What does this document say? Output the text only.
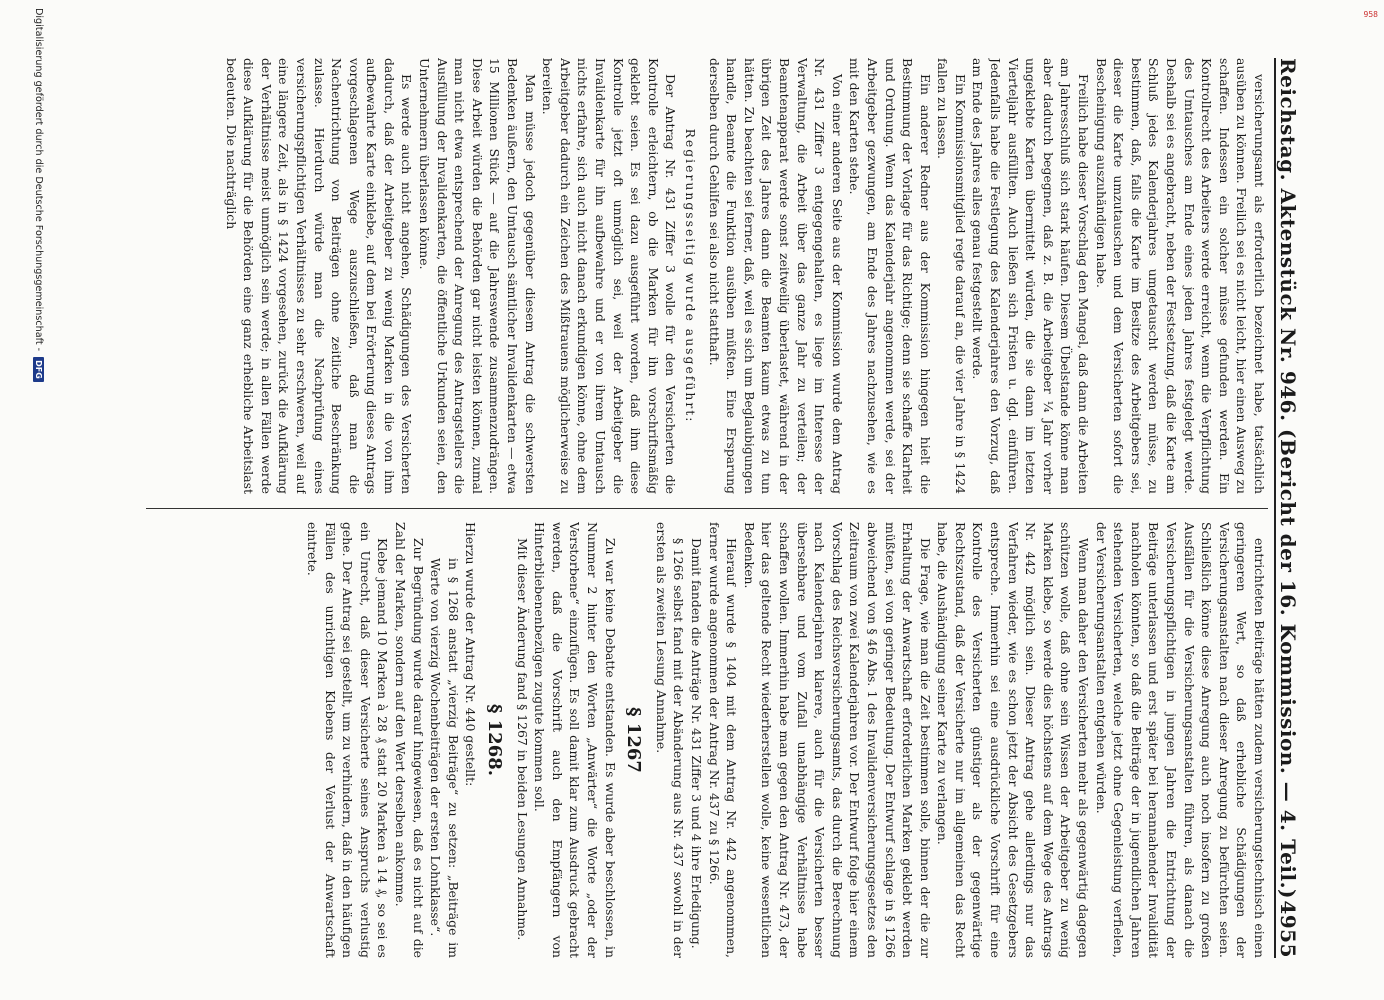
958
Reichstag. Aktenstück Nr. 946. (Bericht der 16. Kommission. — 4. Teil.)
4955

versicherungsamt als erforderlich bezeichnet habe, tatsächlich ausüben zu können. Freilich sei es nicht leicht, hier einen Ausweg zu schaffen. Indessen ein solcher müsse gefunden werden. Ein Kontrollrecht des Arbeiters werde erreicht, wenn die Verpflichtung des Umtausches am Ende eines jeden Jahres festgelegt werde. Deshalb sei es angebracht, neben der Festsetzung, daß die Karte am Schluß jedes Kalenderjahres umgetauscht werden müsse, zu bestimmen, daß, falls die Karte im Besitze des Arbeitgebers sei, dieser die Karte umzutauschen und dem Versicherten sofort die Bescheinigung auszuhändigen habe.

Freilich habe dieser Vorschlag den Mangel, daß dann die Arbeiten am Jahresschluß sich stark häufen. Diesem Übelstande könne man aber dadurch begegnen, daß z. B. die Arbeitgeber ¼ Jahr vorher ungeklebte Karten übermittelt würden, die sie dann im letzten Vierteljahr ausfüllten. Auch ließen sich Fristen u. dgl. einführen. Jedenfalls habe die Festlegung des Kalenderjahres den Vorzug, daß am Ende des Jahres alles genau festgestellt werde.

Ein Kommissionsmitglied regte darauf an, die vier Jahre in § 1424 fallen zu lassen.

Ein anderer Redner aus der Kommission hingegen hielt die Bestimmung der Vorlage für das Richtige; denn sie schaffe Klarheit und Ordnung. Wenn das Kalenderjahr angenommen werde, sei der Arbeitgeber gezwungen, am Ende des Jahres nachzusehen, wie es mit den Karten stehe.

Von einer anderen Seite aus der Kommission wurde dem Antrag Nr. 431 Ziffer 3 entgegengehalten, es liege im Interesse der Verwaltung, die Arbeit über das ganze Jahr zu verteilen; der Beamtenapparat werde sonst zeitweilig überlastet, während in der übrigen Zeit des Jahres dann die Beamten kaum etwas zu tun hätten. Zu beachten sei ferner, daß, weil es sich um Beglaubigungen handle, Beamte die Funktion ausüben müßten. Eine Ersparung derselben durch Gehilfen sei also nicht statthaft.

Regierungsseitig wurde ausgeführt:

Der Antrag Nr. 431 Ziffer 3 wolle für den Versicherten die Kontrolle erleichtern, ob die Marken für ihn vorschriftsmäßig geklebt seien. Es sei dazu ausgeführt worden, daß ihm diese Kontrolle jetzt oft unmöglich sei, weil der Arbeitgeber die Invalidenkarte für ihn aufbewahre und er von ihrem Umtausch nichts erfahre, sich auch nicht danach erkundigen könne, ohne dem Arbeitgeber dadurch ein Zeichen des Mißtrauens möglicherweise zu bereiten.

Man müsse jedoch gegenüber diesem Antrag die schwersten Bedenken äußern, den Umtausch sämtlicher Invalidenkarten — etwa 15 Millionen Stück — auf die Jahreswende zusammenzudrängen. Diese Arbeit würden die Behörden gar nicht leisten können, zumal man nicht etwa entsprechend der Anregung des Antragstellers die Ausfüllung der Invalidenkarten, die öffentliche Urkunden seien, den Unternehmern überlassen könne.

Es werde auch nicht angehen, Schädigungen des Versicherten dadurch, daß der Arbeitgeber zu wenig Marken in die von ihm aufbewahrte Karte einklebe, auf dem bei Erörterung dieses Antrags vorgeschlagenen Wege auszuschließen, daß man die Nachentrichtung von Beiträgen ohne zeitliche Beschränkung zulasse. Hierdurch würde man die Nachprüfung eines versicherungspflichtigen Verhältnisses zu sehr erschweren, weil auf eine längere Zeit, als in § 1424 vorgesehen, zurück die Aufklärung der Verhältnisse meist unmöglich sein werde; in allen Fällen werde diese Aufklärung für die Behörden eine ganz erhebliche Arbeitslast bedeuten. Die nachträglich

entrichteten Beiträge hätten zudem versicherungstechnisch einen geringeren Wert, so daß erhebliche Schädigungen der Versicherungsanstalten nach dieser Anregung zu befürchten seien. Schließlich könne diese Anregung auch noch insofern zu großen Ausfällen für die Versicherungsanstalten führen, als danach die Versicherungspflichtigen in jungen Jahren die Entrichtung der Beiträge unterlassen und erst später bei herannahender Invalidität nachholen könnten, so daß die Beiträge der in jugendlichen Jahren stehenden Versicherten, welche jetzt ohne Gegenleistung verfielen, der Versicherungsanstalten entgehen würden.

Wenn man daher den Versicherten mehr als gegenwärtig dagegen schützen wolle, daß ohne sein Wissen der Arbeitgeber zu wenig Marken klebe, so werde dies höchstens auf dem Wege des Antrags Nr. 442 möglich sein. Dieser Antrag gehe allerdings nur das Verfahren wieder, wie es schon jetzt der Absicht des Gesetzgebers entspreche. Immerhin sei eine ausdrückliche Vorschrift für eine Kontrolle des Versicherten günstiger als der gegenwärtige Rechtszustand, daß der Versicherte nur im allgemeinen das Recht habe, die Aushändigung seiner Karte zu verlangen.

Die Frage, wie man die Zeit bestimmen solle, binnen der die zur Erhaltung der Anwartschaft erforderlichen Marken geklebt werden müßten, sei von geringer Bedeutung. Der Entwurf schlage in § 1266 abweichend von § 46 Abs. 1 des Invalidenversicherungsgesetzes den Zeitraum von zwei Kalenderjahren vor. Der Entwurf folge hier einem Vorschlag des Reichsversicherungsamts, das durch die Berechnung nach Kalenderjahren klarere, auch für die Versicherten besser übersehbare und vom Zufall unabhängige Verhältnisse habe schaffen wollen. Immerhin habe man gegen den Antrag Nr. 473, der hier das geltende Recht wiederherstellen wolle, keine wesentlichen Bedenken.

Hierauf wurde § 1404 mit dem Antrag Nr. 442 angenommen, ferner wurde angenommen der Antrag Nr. 437 zu § 1266.

Damit fanden die Anträge Nr. 431 Ziffer 3 und 4 ihre Erledigung.

§ 1266 selbst fand mit der Abänderung aus Nr. 437 sowohl in der ersten als zweiten Lesung Annahme.

§ 1267

Zu war keine Debatte entstanden. Es wurde aber beschlossen, in Nummer 2 hinter den Worten „Anwärter“ die Worte „oder der Verstorbene“ einzufügen. Es soll damit klar zum Ausdruck gebracht werden, daß die Vorschrift auch den Empfängern von Hinterbliebenenbezügen zugute kommen soll.

Mit dieser Änderung fand § 1267 in beiden Lesungen Annahme.

§ 1268.

Hierzu wurde der Antrag Nr. 440 gestellt:

in § 1268 anstatt „vierzig Beiträge“ zu setzen: „Beiträge im Werte von vierzig Wochenbeiträgen der ersten Lohnklasse“.

Zur Begründung wurde darauf hingewiesen, daß es nicht auf die Zahl der Marken, sondern auf den Wert derselben ankomme.

Klebe jemand 10 Marken à 28 ₰ statt 20 Marken à 14 ₰, so sei es ein Unrecht, daß dieser Versicherte seines Anspruchs verlustig gehe. Der Antrag sei gestellt, um zu verhindern, daß in den häufigen Fällen des unrichtigen Klebens der Verlust der Anwartschaft eintrete.

Digitalisierung gefördert durch die Deutsche Forschungsgemeinschaft -
DFG
